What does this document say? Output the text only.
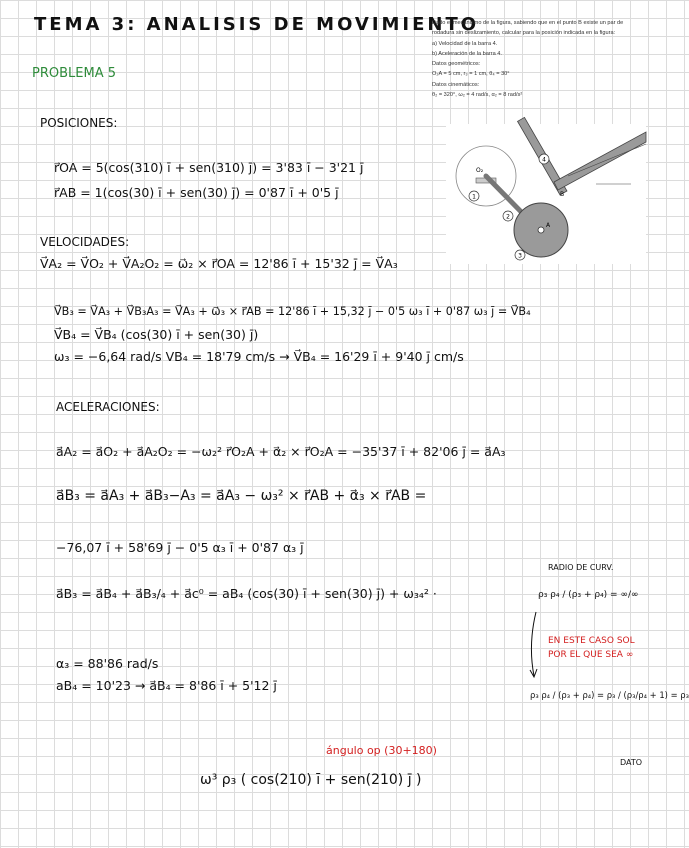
TEMA 3: ANALISIS DE MOVIMIENTO
PROBLEMA 5
Dado el mecanismo de la figura, sabiendo que en el punto B existe un par de
rodadura sin deslizamiento, calcular para la posición indicada en la figura:
a) Velocidad de la barra 4.
b) Aceleración de la barra 4.
Datos geométricos:
O₂A = 5 cm, r₃ = 1 cm, θ₄ = 30°
Datos cinemáticos:
θ₂ = 320°, ω₂ = 4 rad/s, α₂ = 8 rad/s²
4
2
3
1
A
B
O₂
POSICIONES:
r⃗OA = 5(cos(310) ī + sen(310) j̄) = 3'83 ī − 3'21 j̄
r⃗AB = 1(cos(30) ī + sen(30) j̄) = 0'87 ī + 0'5 j̄
VELOCIDADES:
V⃗A₂ = V⃗O₂ + V⃗A₂O₂ = ω⃗₂ × r⃗OA = 12'86 ī + 15'32 j̄ = V⃗A₃
V⃗B₃ = V⃗A₃ + V⃗B₃A₃ = V⃗A₃ + ω⃗₃ × r⃗AB = 12'86 ī + 15,32 j̄ − 0'5 ω₃ ī + 0'87 ω₃ j̄ = V⃗B₄
V⃗B₄ = V⃗B₄ (cos(30) ī + sen(30) j̄)
ω₃ = −6,64 rad/s VB₄ = 18'79 cm/s → V⃗B₄ = 16'29 ī + 9'40 j̄ cm/s
ACELERACIONES:
a⃗A₂ = a⃗O₂ + a⃗A₂O₂ = −ω₂² r⃗O₂A + α⃗₂ × r⃗O₂A = −35'37 ī + 82'06 j̄ = a⃗A₃
a⃗B₃ = a⃗A₃ + a⃗B₃−A₃ = a⃗A₃ − ω₃² × r⃗AB + α⃗₃ × r⃗AB =
−76,07 ī + 58'69 j̄ − 0'5 α₃ ī + 0'87 α₃ j̄
a⃗B₃ = a⃗B₄ + a⃗B₃/₄ + a⃗c⁰ = aB₄ (cos(30) ī + sen(30) j̄) + ω₃₄² ·
α₃ = 88'86 rad/s
aB₄ = 10'23 → a⃗B₄ = 8'86 ī + 5'12 j̄
RADIO DE CURV.
ρ₃ ρ₄ / (ρ₃ + ρ₄) = ∞/∞
EN ESTE CASO SOL
POR EL QUE SEA ∞
ρ₃ ρ₄ / (ρ₃ + ρ₄) = ρ₃ / (ρ₃/ρ₄ + 1) = ρ₃
DATO
ángulo op (30+180)
ω³ ρ₃ ( cos(210) ī + sen(210) j̄ )
